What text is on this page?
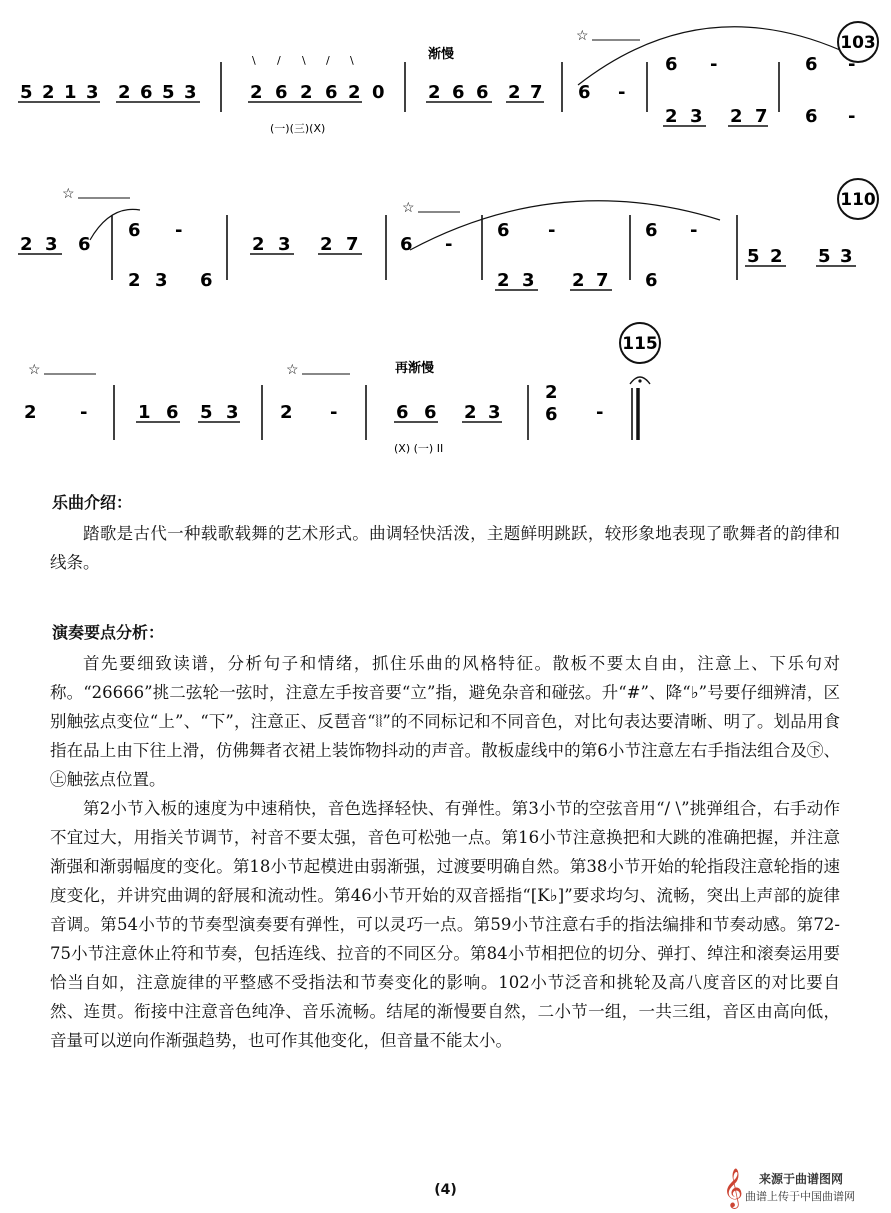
103
渐慢
☆
5 2 1 3 2 6 5 3	2 6 2 6 2 0 2 6 6 2 7 6 -
6 -
2 3 2 7
6 -
6 -
\ / \ / \
(一)(三)(X)
110
☆
☆
2 3 6
6 -
2 3 6
2 3 2 7 6 -
6 -
2 3 2 7
6 -
6
5 2 5 3
115
再渐慢
☆	☆
2 -	1 6 5 3 2 -	6 6 2 3
2
6 -
(X) (一) II
乐曲介绍：

踏歌是古代一种载歌载舞的艺术形式。曲调轻快活泼，主题鲜明跳跃，较形象地表现了歌舞者的韵律和线条。

演奏要点分析：

首先要细致读谱，分析句子和情绪，抓住乐曲的风格特征。散板不要太自由，注意上、下乐句对称。“26666”挑二弦轮一弦时，注意左手按音要“立”指，避免杂音和碰弦。升“#”、降“♭”号要仔细辨清，区别触弦点变位“上”、“下”，注意正、反琶音“⦚⦚”的不同标记和不同音色，对比句表达要清晰、明了。划品用食指在品上由下往上滑，仿佛舞者衣裙上装饰物抖动的声音。散板虚线中的第6小节注意左右手指法组合及㊦、㊤触弦点位置。

第2小节入板的速度为中速稍快，音色选择轻快、有弹性。第3小节的空弦音用“/ \”挑弹组合，右手动作不宜过大，用指关节调节，衬音不要太强，音色可松弛一点。第16小节注意换把和大跳的准确把握，并注意渐强和渐弱幅度的变化。第18小节起模进由弱渐强，过渡要明确自然。第38小节开始的轮指段注意轮指的速度变化，并讲究曲调的舒展和流动性。第46小节开始的双音摇指“[K♭]”要求均匀、流畅，突出上声部的旋律音调。第54小节的节奏型演奏要有弹性，可以灵巧一点。第59小节注意右手的指法编排和节奏动感。第72-75小节注意休止符和节奏，包括连线、拉音的不同区分。第84小节相把位的切分、弹打、绰注和滚奏运用要恰当自如，注意旋律的平整感不受指法和节奏变化的影响。102小节泛音和挑轮及高八度音区的对比要自然、连贯。衔接中注意音色纯净、音乐流畅。结尾的渐慢要自然，二小节一组，一共三组，音区由高向低，音量可以逆向作渐强趋势，也可作其他变化，但音量不能太小。

(4)	𝄞	来源于曲谱图网
曲谱上传于中国曲谱网
